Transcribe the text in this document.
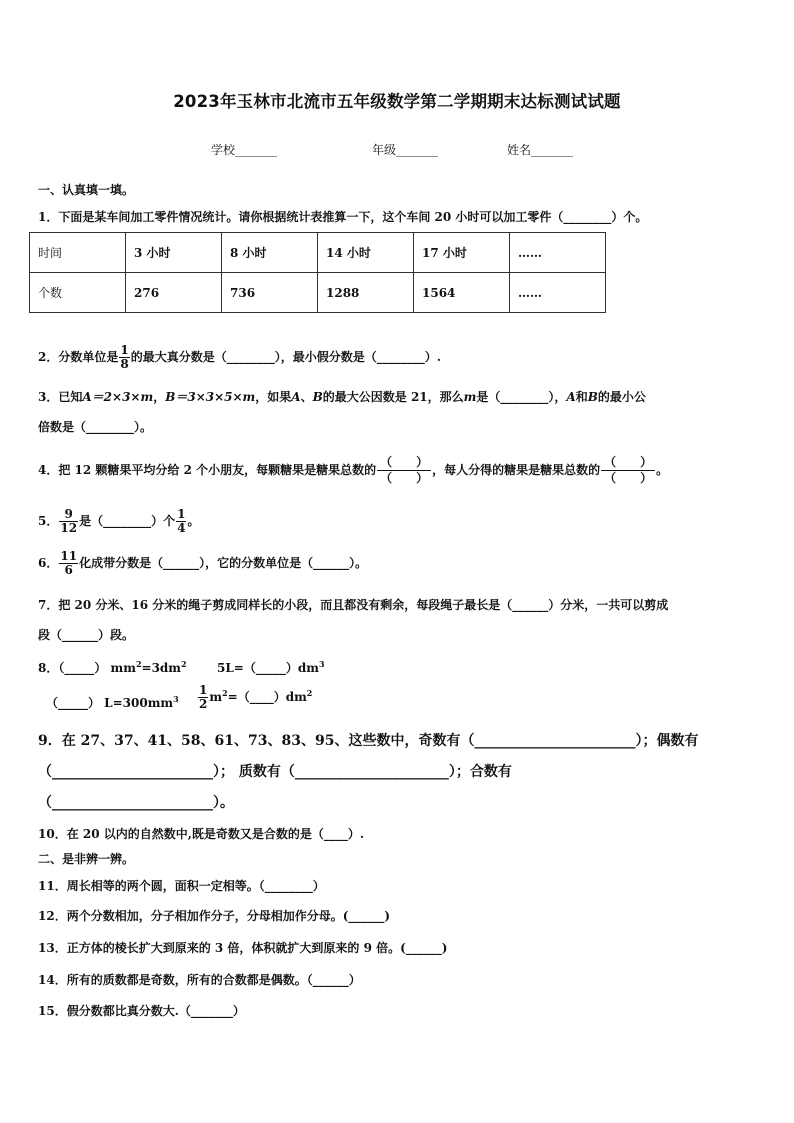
2023年玉林市北流市五年级数学第二学期期末达标测试试题
学校_______	年级_______	姓名_______
一、认真填一填。
1．下面是某车间加工零件情况统计。请你根据统计表推算一下，这个车间 20 小时可以加工零件（________）个。
时间	3 小时	8 小时	14 小时	17 小时	……
个数	276	736	1288	1564	……
2．分数单位是 $\frac{1}{8}$ 的最大真分数是（________），最小假分数是（________）.
3．已知A＝2×3×m，B＝3×3×5×m，如果A、B的最大公因数是 21，那么m是（________），A和B的最小公
倍数是（________）。
4．把 12 颗糖果平均分给 2 个小朋友，每颗糖果是糖果总数的 $\frac{( )}{( )}$ ，每人分得的糖果是糖果总数的 $\frac{( )}{( )}$ 。
5． $\frac{9}{12}$ 是（________）个 $\frac{1}{4}$ 。
6． $\frac{11}{6}$ 化成带分数是（______），它的分数单位是（______）。
7．把 20 分米、16 分米的绳子剪成同样长的小段，而且都没有剩余，每段绳子最长是（______）分米，一共可以剪成
段（______）段。
8．（_____） $mm^2=3dm^2$	$5L=(\_\_\_\_\_)dm^3$
（_____） $L=300mm^3 \frac{1}{2}$ $m^2=(\_\_\_\_)dm^2$
9．在 27、37、41、58、61、73、83、95、这些数中，奇数有（_______________________）；偶数有
（_______________________）； 质数有（______________________）；合数有
（_______________________）。
10．在 20 以内的自然数中,既是奇数又是合数的是（____）.
二、是非辨一辨。
11．周长相等的两个圆，面积一定相等。（________）
12．两个分数相加，分子相加作分子，分母相加作分母。(______)
13．正方体的棱长扩大到原来的 3 倍，体积就扩大到原来的 9 倍。(______)
14．所有的质数都是奇数，所有的合数都是偶数。（______）
15．假分数都比真分数大.（_______）
